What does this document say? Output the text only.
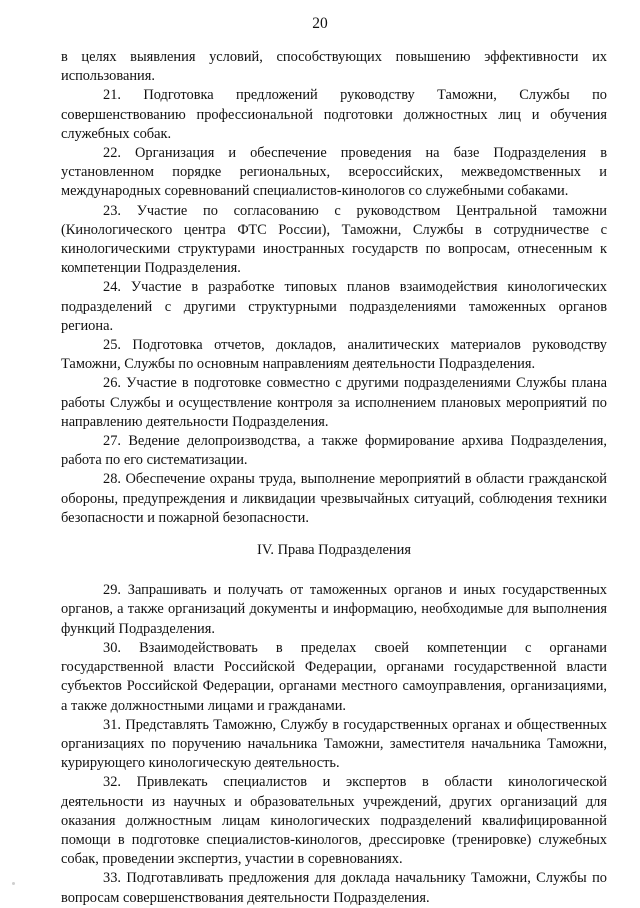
20

в целях выявления условий, способствующих повышению эффективности их использования.

21. Подготовка предложений руководству Таможни, Службы по совершенствованию профессиональной подготовки должностных лиц и обучения служебных собак.

22. Организация и обеспечение проведения на базе Подразделения в установленном порядке региональных, всероссийских, межведомственных и международных соревнований специалистов-кинологов со служебными собаками.

23. Участие по согласованию с руководством Центральной таможни (Кинологического центра ФТС России), Таможни, Службы в сотрудничестве с кинологическими структурами иностранных государств по вопросам, отнесенным к компетенции Подразделения.

24. Участие в разработке типовых планов взаимодействия кинологических подразделений с другими структурными подразделениями таможенных органов региона.

25. Подготовка отчетов, докладов, аналитических материалов руководству Таможни, Службы по основным направлениям деятельности Подразделения.

26. Участие в подготовке совместно с другими подразделениями Службы плана работы Службы и осуществление контроля за исполнением плановых мероприятий по направлению деятельности Подразделения.

27. Ведение делопроизводства, а также формирование архива Подразделения, работа по его систематизации.

28. Обеспечение охраны труда, выполнение мероприятий в области гражданской обороны, предупреждения и ликвидации чрезвычайных ситуаций, соблюдения техники безопасности и пожарной безопасности.

IV. Права Подразделения

29. Запрашивать и получать от таможенных органов и иных государственных органов, а также организаций документы и информацию, необходимые для выполнения функций Подразделения.

30. Взаимодействовать в пределах своей компетенции с органами государственной власти Российской Федерации, органами государственной власти субъектов Российской Федерации, органами местного самоуправления, организациями, а также должностными лицами и гражданами.

31. Представлять Таможню, Службу в государственных органах и общественных организациях по поручению начальника Таможни, заместителя начальника Таможни, курирующего кинологическую деятельность.

32. Привлекать специалистов и экспертов в области кинологической деятельности из научных и образовательных учреждений, других организаций для оказания должностным лицам кинологических подразделений квалифицированной помощи в подготовке специалистов-кинологов, дрессировке (тренировке) служебных собак, проведении экспертиз, участии в соревнованиях.

33. Подготавливать предложения для доклада начальнику Таможни, Службы по вопросам совершенствования деятельности Подразделения.
